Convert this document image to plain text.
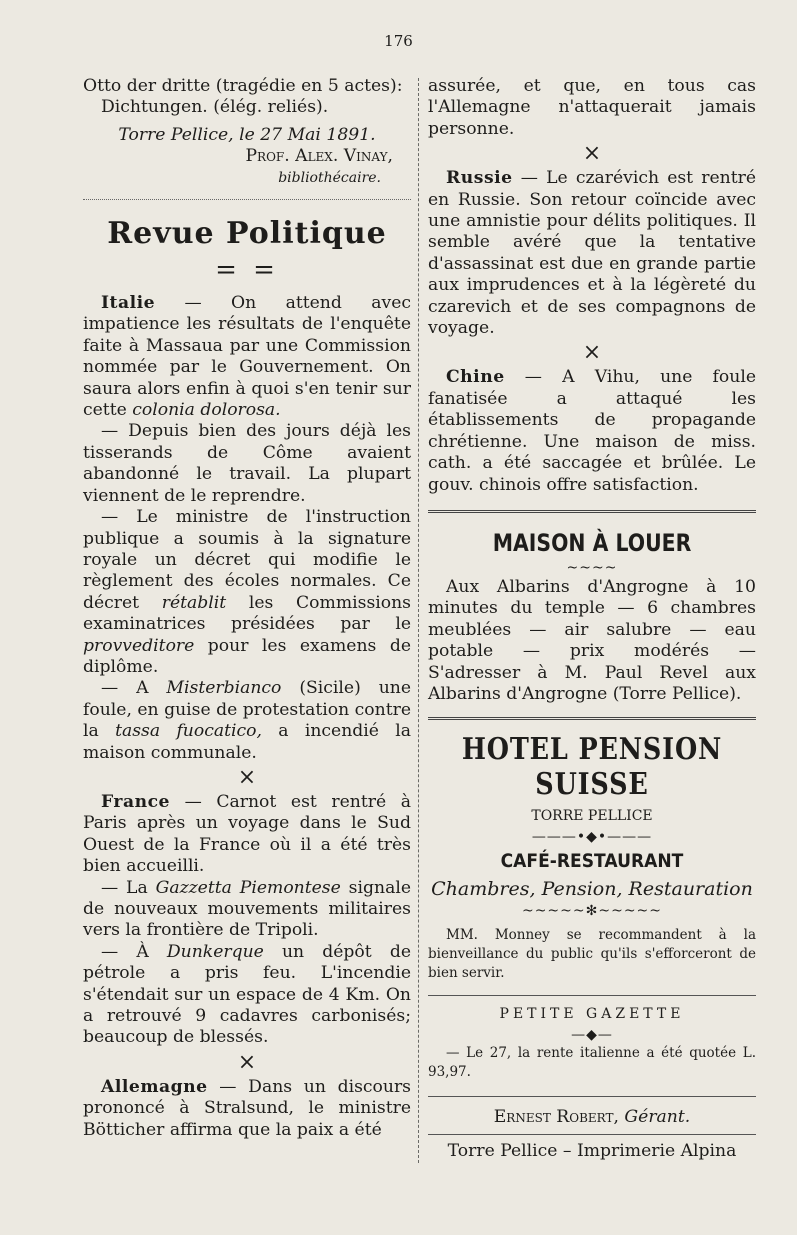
176

Otto der dritte (tragédie en 5 actes):

Dichtungen. (élég. reliés).

Torre Pellice, le 27 Mai 1891.

Prof. Alex. Vinay,

bibliothécaire.

Revue Politique
= =

Italie — On attend avec impatience les résultats de l'enquête faite à Massaua par une Commission nommée par le Gouvernement. On saura alors enfin à quoi s'en tenir sur cette colonia dolorosa.

— Depuis bien des jours déjà les tisserands de Côme avaient abandonné le travail. La plupart viennent de le reprendre.

— Le ministre de l'instruction publique a soumis à la signature royale un décret qui modifie le règlement des écoles normales. Ce décret rétablit les Commissions examinatrices présidées par le provveditore pour les examens de diplôme.

— A Misterbianco (Sicile) une foule, en guise de protestation contre la tassa fuocatico, a incendié la maison communale.

×

France — Carnot est rentré à Paris après un voyage dans le Sud Ouest de la France où il a été très bien accueilli.

— La Gazzetta Piemontese signale de nouveaux mouvements militaires vers la frontière de Tripoli.

— À Dunkerque un dépôt de pétrole a pris feu. L'incendie s'étendait sur un espace de 4 Km. On a retrouvé 9 cadavres carbonisés; beaucoup de blessés.

×

Allemagne — Dans un discours prononcé à Stralsund, le ministre Bötticher affirma que la paix a été

assurée, et que, en tous cas l'Allemagne n'attaquerait jamais personne.

×

Russie — Le czarévich est rentré en Russie. Son retour coïncide avec une amnistie pour délits politiques. Il semble avéré que la tentative d'assassinat est due en grande partie aux imprudences et à la légèreté du czarevich et de ses compagnons de voyage.

×

Chine — A Vihu, une foule fanatisée a attaqué les établissements de propagande chrétienne. Une maison de miss. cath. a été saccagée et brûlée. Le gouv. chinois offre satisfaction.

MAISON À LOUER
~~~~

Aux Albarins d'Angrogne à 10 minutes du temple — 6 chambres meublées — air salubre — eau potable — prix modérés — S'adresser à M. Paul Revel aux Albarins d'Angrogne (Torre Pellice).

HOTEL PENSION SUISSE

TORRE PELLICE

———•◆•———
CAFÉ-RESTAURANT

Chambres, Pension, Restauration

~~~~~✻~~~~~

MM. Monney se recommandent à la bienveillance du public qu'ils s'efforceront de bien servir.

PETITE GAZETTE
—◆—

— Le 27, la rente italienne a été quotée L. 93,97.

Ernest Robert, Gérant.

Torre Pellice – Imprimerie Alpina
